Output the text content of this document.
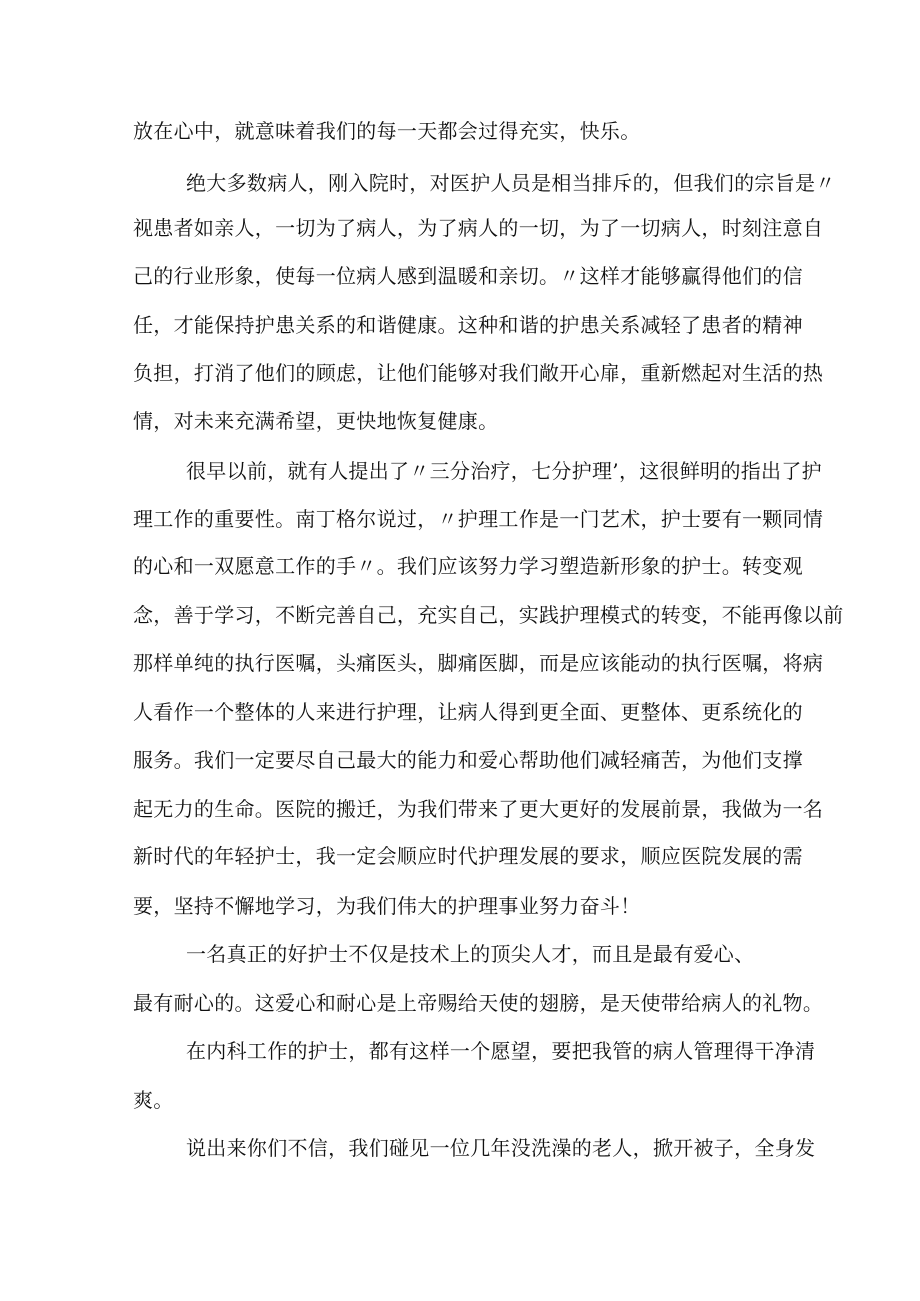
放在心中，就意味着我们的每一天都会过得充实，快乐。

绝大多数病人，刚入院时，对医护人员是相当排斥的，但我们的宗旨是〃

视患者如亲人，一切为了病人，为了病人的一切，为了一切病人，时刻注意自

己的行业形象，使每一位病人感到温暖和亲切。〃这样才能够赢得他们的信

任，才能保持护患关系的和谐健康。这种和谐的护患关系减轻了患者的精神

负担，打消了他们的顾虑，让他们能够对我们敞开心扉，重新燃起对生活的热

情，对未来充满希望，更快地恢复健康。

很早以前，就有人提出了〃三分治疗，七分护理’，这很鲜明的指出了护

理工作的重要性。南丁格尔说过，〃护理工作是一门艺术，护士要有一颗同情

的心和一双愿意工作的手〃。我们应该努力学习塑造新形象的护士。转变观

念，善于学习，不断完善自己，充实自己，实践护理模式的转变，不能再像以前

那样单纯的执行医嘱，头痛医头，脚痛医脚，而是应该能动的执行医嘱，将病

人看作一个整体的人来进行护理，让病人得到更全面、更整体、更系统化的

服务。我们一定要尽自己最大的能力和爱心帮助他们减轻痛苦，为他们支撑

起无力的生命。医院的搬迁，为我们带来了更大更好的发展前景，我做为一名

新时代的年轻护士，我一定会顺应时代护理发展的要求，顺应医院发展的需

要，坚持不懈地学习，为我们伟大的护理事业努力奋斗！

一名真正的好护士不仅是技术上的顶尖人才，而且是最有爱心、

最有耐心的。这爱心和耐心是上帝赐给天使的翅膀，是天使带给病人的礼物。

在内科工作的护士，都有这样一个愿望，要把我管的病人管理得干净清

爽。

说出来你们不信，我们碰见一位几年没洗澡的老人，掀开被子，全身发
